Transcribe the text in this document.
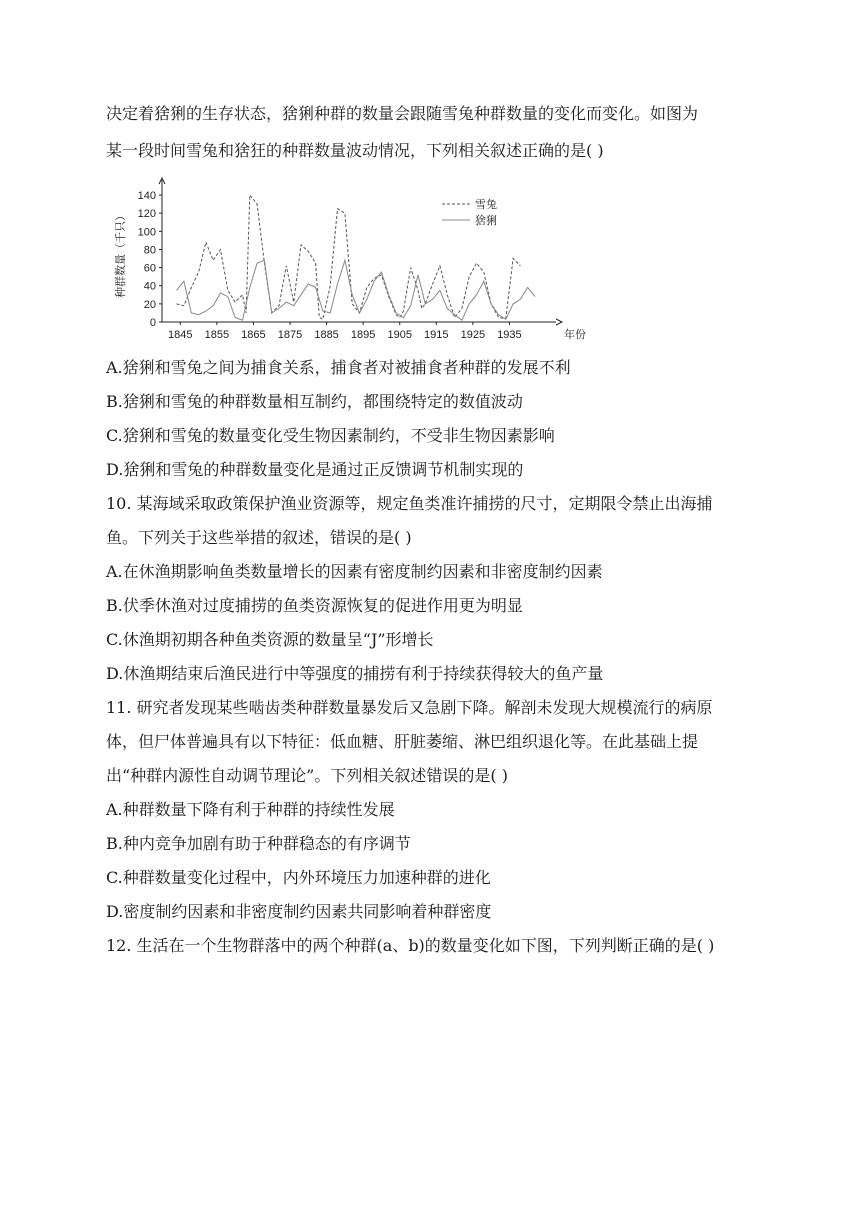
决定着猞猁的生存状态，猞猁种群的数量会跟随雪兔种群数量的变化而变化。如图为
某一段时间雪兔和猞狂的种群数量波动情况，下列相关叙述正确的是( )
0
20
40
60
80
100
120
140
1845 1855 1865 1875 1885 1895 1905 1915 1925 1935	年份
种群数量（千只）
雪兔
猞猁
A.猞猁和雪兔之间为捕食关系，捕食者对被捕食者种群的发展不利
B.猞猁和雪兔的种群数量相互制约，都围绕特定的数值波动
C.猞猁和雪兔的数量变化受生物因素制约，不受非生物因素影响
D.猞猁和雪兔的种群数量变化是通过正反馈调节机制实现的
10. 某海域采取政策保护渔业资源等，规定鱼类准许捕捞的尺寸，定期限令禁止出海捕
鱼。下列关于这些举措的叙述，错误的是( )
A.在休渔期影响鱼类数量增长的因素有密度制约因素和非密度制约因素
B.伏季休渔对过度捕捞的鱼类资源恢复的促进作用更为明显
C.休渔期初期各种鱼类资源的数量呈“J”形增长
D.休渔期结束后渔民进行中等强度的捕捞有利于持续获得较大的鱼产量
11. 研究者发现某些啮齿类种群数量暴发后又急剧下降。解剖未发现大规模流行的病原
体，但尸体普遍具有以下特征：低血糖、肝脏萎缩、淋巴组织退化等。在此基础上提
出“种群内源性自动调节理论”。下列相关叙述错误的是( )
A.种群数量下降有利于种群的持续性发展
B.种内竞争加剧有助于种群稳态的有序调节
C.种群数量变化过程中，内外环境压力加速种群的进化
D.密度制约因素和非密度制约因素共同影响着种群密度
12. 生活在一个生物群落中的两个种群(a、b)的数量变化如下图，下列判断正确的是( )
